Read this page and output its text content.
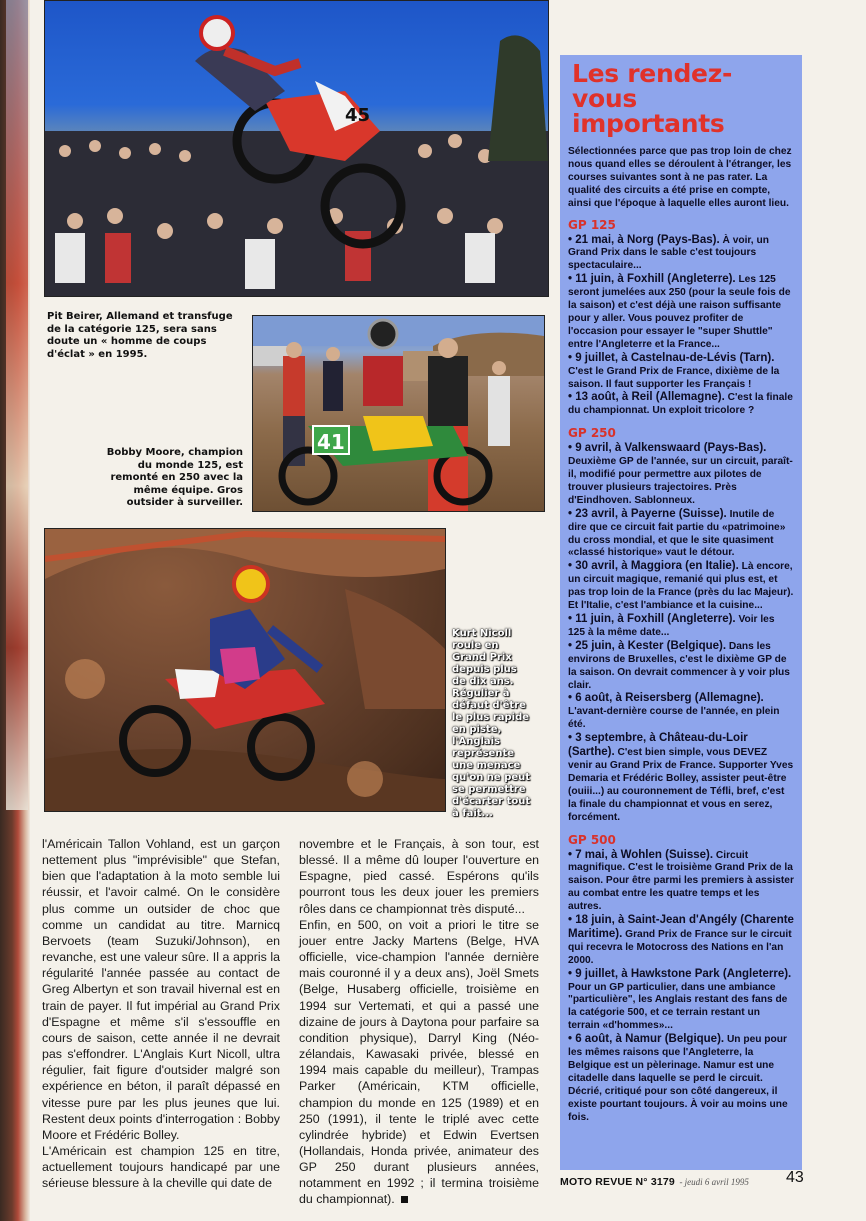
45
Pit Beirer, Allemand et transfuge de la catégorie 125, sera sans doute un « homme de coups d'éclat » en 1995.
41
Bobby Moore, champion du monde 125, est remonté en 250 avec la même équipe. Gros outsider à surveiller.
Kurt Nicoll roule en Grand Prix depuis plus de dix ans. Régulier à défaut d'être le plus rapide en piste, l'Anglais représente une menace qu'on ne peut se permettre d'écarter tout à fait...

l'Américain Tallon Vohland, est un garçon nettement plus "imprévisible" que Stefan, bien que l'adaptation à la moto semble lui réussir, et l'avoir calmé. On le considère plus comme un outsider de choc que comme un candidat au titre. Marnicq Bervoets (team Suzuki/Johnson), en revanche, est une valeur sûre. Il a appris la régularité l'année passée au contact de Greg Albertyn et son travail hivernal est en train de payer. Il fut impérial au Grand Prix d'Espagne et même s'il s'essouffle en cours de saison, cette année il ne devrait pas s'effondrer. L'Anglais Kurt Nicoll, ultra régulier, fait figure d'outsider malgré son expérience en béton, il paraît dépassé en vitesse pure par les plus jeunes que lui. Restent deux points d'interrogation : Bobby Moore et Frédéric Bolley.

L'Américain est champion 125 en titre, actuellement toujours handicapé par une sérieuse blessure à la cheville qui date de

novembre et le Français, à son tour, est blessé. Il a même dû louper l'ouverture en Espagne, pied cassé. Espérons qu'ils pourront tous les deux jouer les premiers rôles dans ce championnat très disputé...

Enfin, en 500, on voit a priori le titre se jouer entre Jacky Martens (Belge, HVA officielle, vice-champion l'année dernière mais couronné il y a deux ans), Joël Smets (Belge, Husaberg officielle, troisième en 1994 sur Vertemati, et qui a passé une dizaine de jours à Daytona pour parfaire sa condition physique), Darryl King (Néo-zélandais, Kawasaki privée, blessé en 1994 mais capable du meilleur), Trampas Parker (Américain, KTM officielle, champion du monde en 125 (1989) et en 250 (1991), il tente le triplé avec cette cylindrée hybride) et Edwin Evertsen (Hollandais, Honda privée, animateur des GP 250 durant plusieurs années, notamment en 1992 ; il termina troisième du championnat).

Les rendez-vous importants
Sélectionnées parce que pas trop loin de chez nous quand elles se déroulent à l'étranger, les courses suivantes sont à ne pas rater. La qualité des circuits a été prise en compte, ainsi que l'époque à laquelle elles auront lieu.
GP 125

• 21 mai, à Norg (Pays-Bas). À voir, un Grand Prix dans le sable c'est toujours spectaculaire...

• 11 juin, à Foxhill (Angleterre). Les 125 seront jumelées aux 250 (pour la seule fois de la saison) et c'est déjà une raison suffisante pour y aller. Vous pouvez profiter de l'occasion pour essayer le "super Shuttle" entre l'Angleterre et la France...

• 9 juillet, à Castelnau-de-Lévis (Tarn). C'est le Grand Prix de France, dixième de la saison. Il faut supporter les Français !

• 13 août, à Reil (Allemagne). C'est la finale du championnat. Un exploit tricolore ?

GP 250

• 9 avril, à Valkenswaard (Pays-Bas). Deuxième GP de l'année, sur un circuit, paraît-il, modifié pour permettre aux pilotes de trouver plusieurs trajectoires. Près d'Eindhoven. Sablonneux.

• 23 avril, à Payerne (Suisse). Inutile de dire que ce circuit fait partie du «patrimoine» du cross mondial, et que le site quasiment «classé historique» vaut le détour.

• 30 avril, à Maggiora (en Italie). Là encore, un circuit magique, remanié qui plus est, et pas trop loin de la France (près du lac Majeur). Et l'Italie, c'est l'ambiance et la cuisine...

• 11 juin, à Foxhill (Angleterre). Voir les 125 à la même date...

• 25 juin, à Kester (Belgique). Dans les environs de Bruxelles, c'est le dixième GP de la saison. On devrait commencer à y voir plus clair.

• 6 août, à Reisersberg (Allemagne). L'avant-dernière course de l'année, en plein été.

• 3 septembre, à Château-du-Loir (Sarthe). C'est bien simple, vous DEVEZ venir au Grand Prix de France. Supporter Yves Demaria et Frédéric Bolley, assister peut-être (ouiii...) au couronnement de Téfli, bref, c'est la finale du championnat et vous en serez, forcément.

GP 500

• 7 mai, à Wohlen (Suisse). Circuit magnifique. C'est le troisième Grand Prix de la saison. Pour être parmi les premiers à assister au combat entre les quatre temps et les autres.

• 18 juin, à Saint-Jean d'Angély (Charente Maritime). Grand Prix de France sur le circuit qui recevra le Motocross des Nations en l'an 2000.

• 9 juillet, à Hawkstone Park (Angleterre). Pour un GP particulier, dans une ambiance "particulière", les Anglais restant des fans de la catégorie 500, et ce terrain restant un terrain «d'hommes»...

• 6 août, à Namur (Belgique). Un peu pour les mêmes raisons que l'Angleterre, la Belgique est un pèlerinage. Namur est une citadelle dans laquelle se perd le circuit. Décrié, critiqué pour son côté dangereux, il existe pourtant toujours. À voir au moins une fois.

MOTO REVUE N° 3179 - jeudi 6 avril 1995 43
